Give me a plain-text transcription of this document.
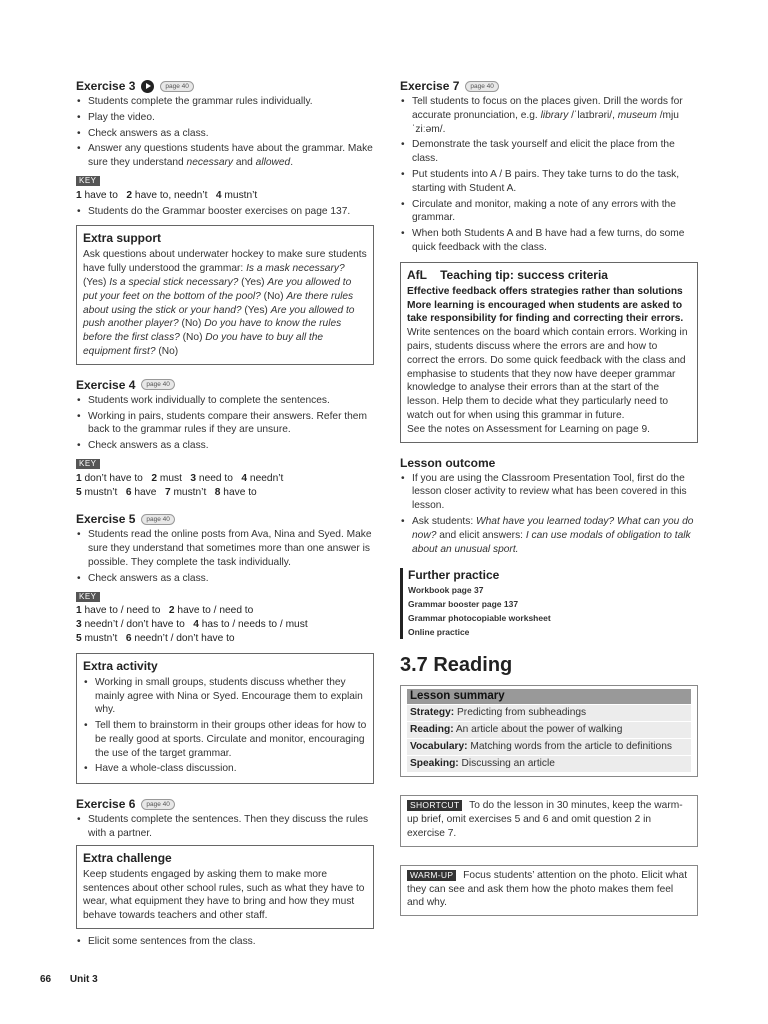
Exercise 3	page 40
• Students complete the grammar rules individually.
• Play the video.
• Check answers as a class.
• Answer any questions students have about the grammar. Make sure they understand necessary and allowed.
KEY
1 have to   2 have to, needn’t   4 mustn’t
• Students do the Grammar booster exercises on page 137.
Extra support

Ask questions about underwater hockey to make sure students have fully understood the grammar: Is a mask necessary? (Yes) Is a special stick necessary? (Yes) Are you allowed to put your feet on the bottom of the pool? (No) Are there rules about using the stick or your hand? (Yes) Are you allowed to push another player? (No) Do you have to know the rules before the first class? (No) Do you have to buy all the equipment first? (No)

Exercise 4	page 40
• Students work individually to complete the sentences.
• Working in pairs, students compare their answers. Refer them back to the grammar rules if they are unsure.
• Check answers as a class.
KEY
1 don’t have to   2 must   3 need to   4 needn’t
5 mustn’t   6 have   7 mustn’t   8 have to
Exercise 5	page 40
• Students read the online posts from Ava, Nina and Syed. Make sure they understand that sometimes more than one answer is possible. They complete the task individually.
• Check answers as a class.
KEY
1 have to / need to   2 have to / need to
3 needn’t / don’t have to   4 has to / needs to / must
5 mustn’t   6 needn’t / don’t have to
Extra activity
• Working in small groups, students discuss whether they mainly agree with Nina or Syed. Encourage them to explain why.
• Tell them to brainstorm in their groups other ideas for how to be really good at sports. Circulate and monitor, encouraging the use of the target grammar.
• Have a whole-class discussion.
Exercise 6	page 40
• Students complete the sentences. Then they discuss the rules with a partner.
Extra challenge

Keep students engaged by asking them to make more sentences about other school rules, such as what they have to wear, what equipment they have to bring and how they must behave towards teachers and other staff.

• Elicit some sentences from the class.
Exercise 7	page 40
• Tell students to focus on the places given. Drill the words for accurate pronunciation, e.g. library /ˈlaɪbrəri/, museum /mjuˈziːəm/.
• Demonstrate the task yourself and elicit the place from the class.
• Put students into A / B pairs. They take turns to do the task, starting with Student A.
• Circulate and monitor, making a note of any errors with the grammar.
• When both Students A and B have had a few turns, do some quick feedback with the class.
AfL    Teaching tip: success criteria

Effective feedback offers strategies rather than solutions

More learning is encouraged when students are asked to take responsibility for finding and correcting their errors.

Write sentences on the board which contain errors. Working in pairs, students discuss where the errors are and how to correct the errors. Do some quick feedback with the class and emphasise to students that they now have deeper grammar knowledge to analyse their errors than at the start of the lesson. Help them to decide what they particularly need to watch out for when using this grammar in future.

See the notes on Assessment for Learning on page 9.

Lesson outcome
• If you are using the Classroom Presentation Tool, first do the lesson closer activity to review what has been covered in this lesson.
• Ask students: What have you learned today? What can you do now? and elicit answers: I can use modals of obligation to talk about an unusual sport.
Further practice
Workbook page 37
Grammar booster page 137
Grammar photocopiable worksheet
Online practice
3.7 Reading
Lesson summary
Strategy: Predicting from subheadings
Reading: An article about the power of walking
Vocabulary: Matching words from the article to definitions
Speaking: Discussing an article
SHORTCUT To do the lesson in 30 minutes, keep the warm-up brief, omit exercises 5 and 6 and omit question 2 in exercise 7.
WARM-UP Focus students’ attention on the photo. Elicit what they can see and ask them how the photo makes them feel and why.
66 Unit 3
